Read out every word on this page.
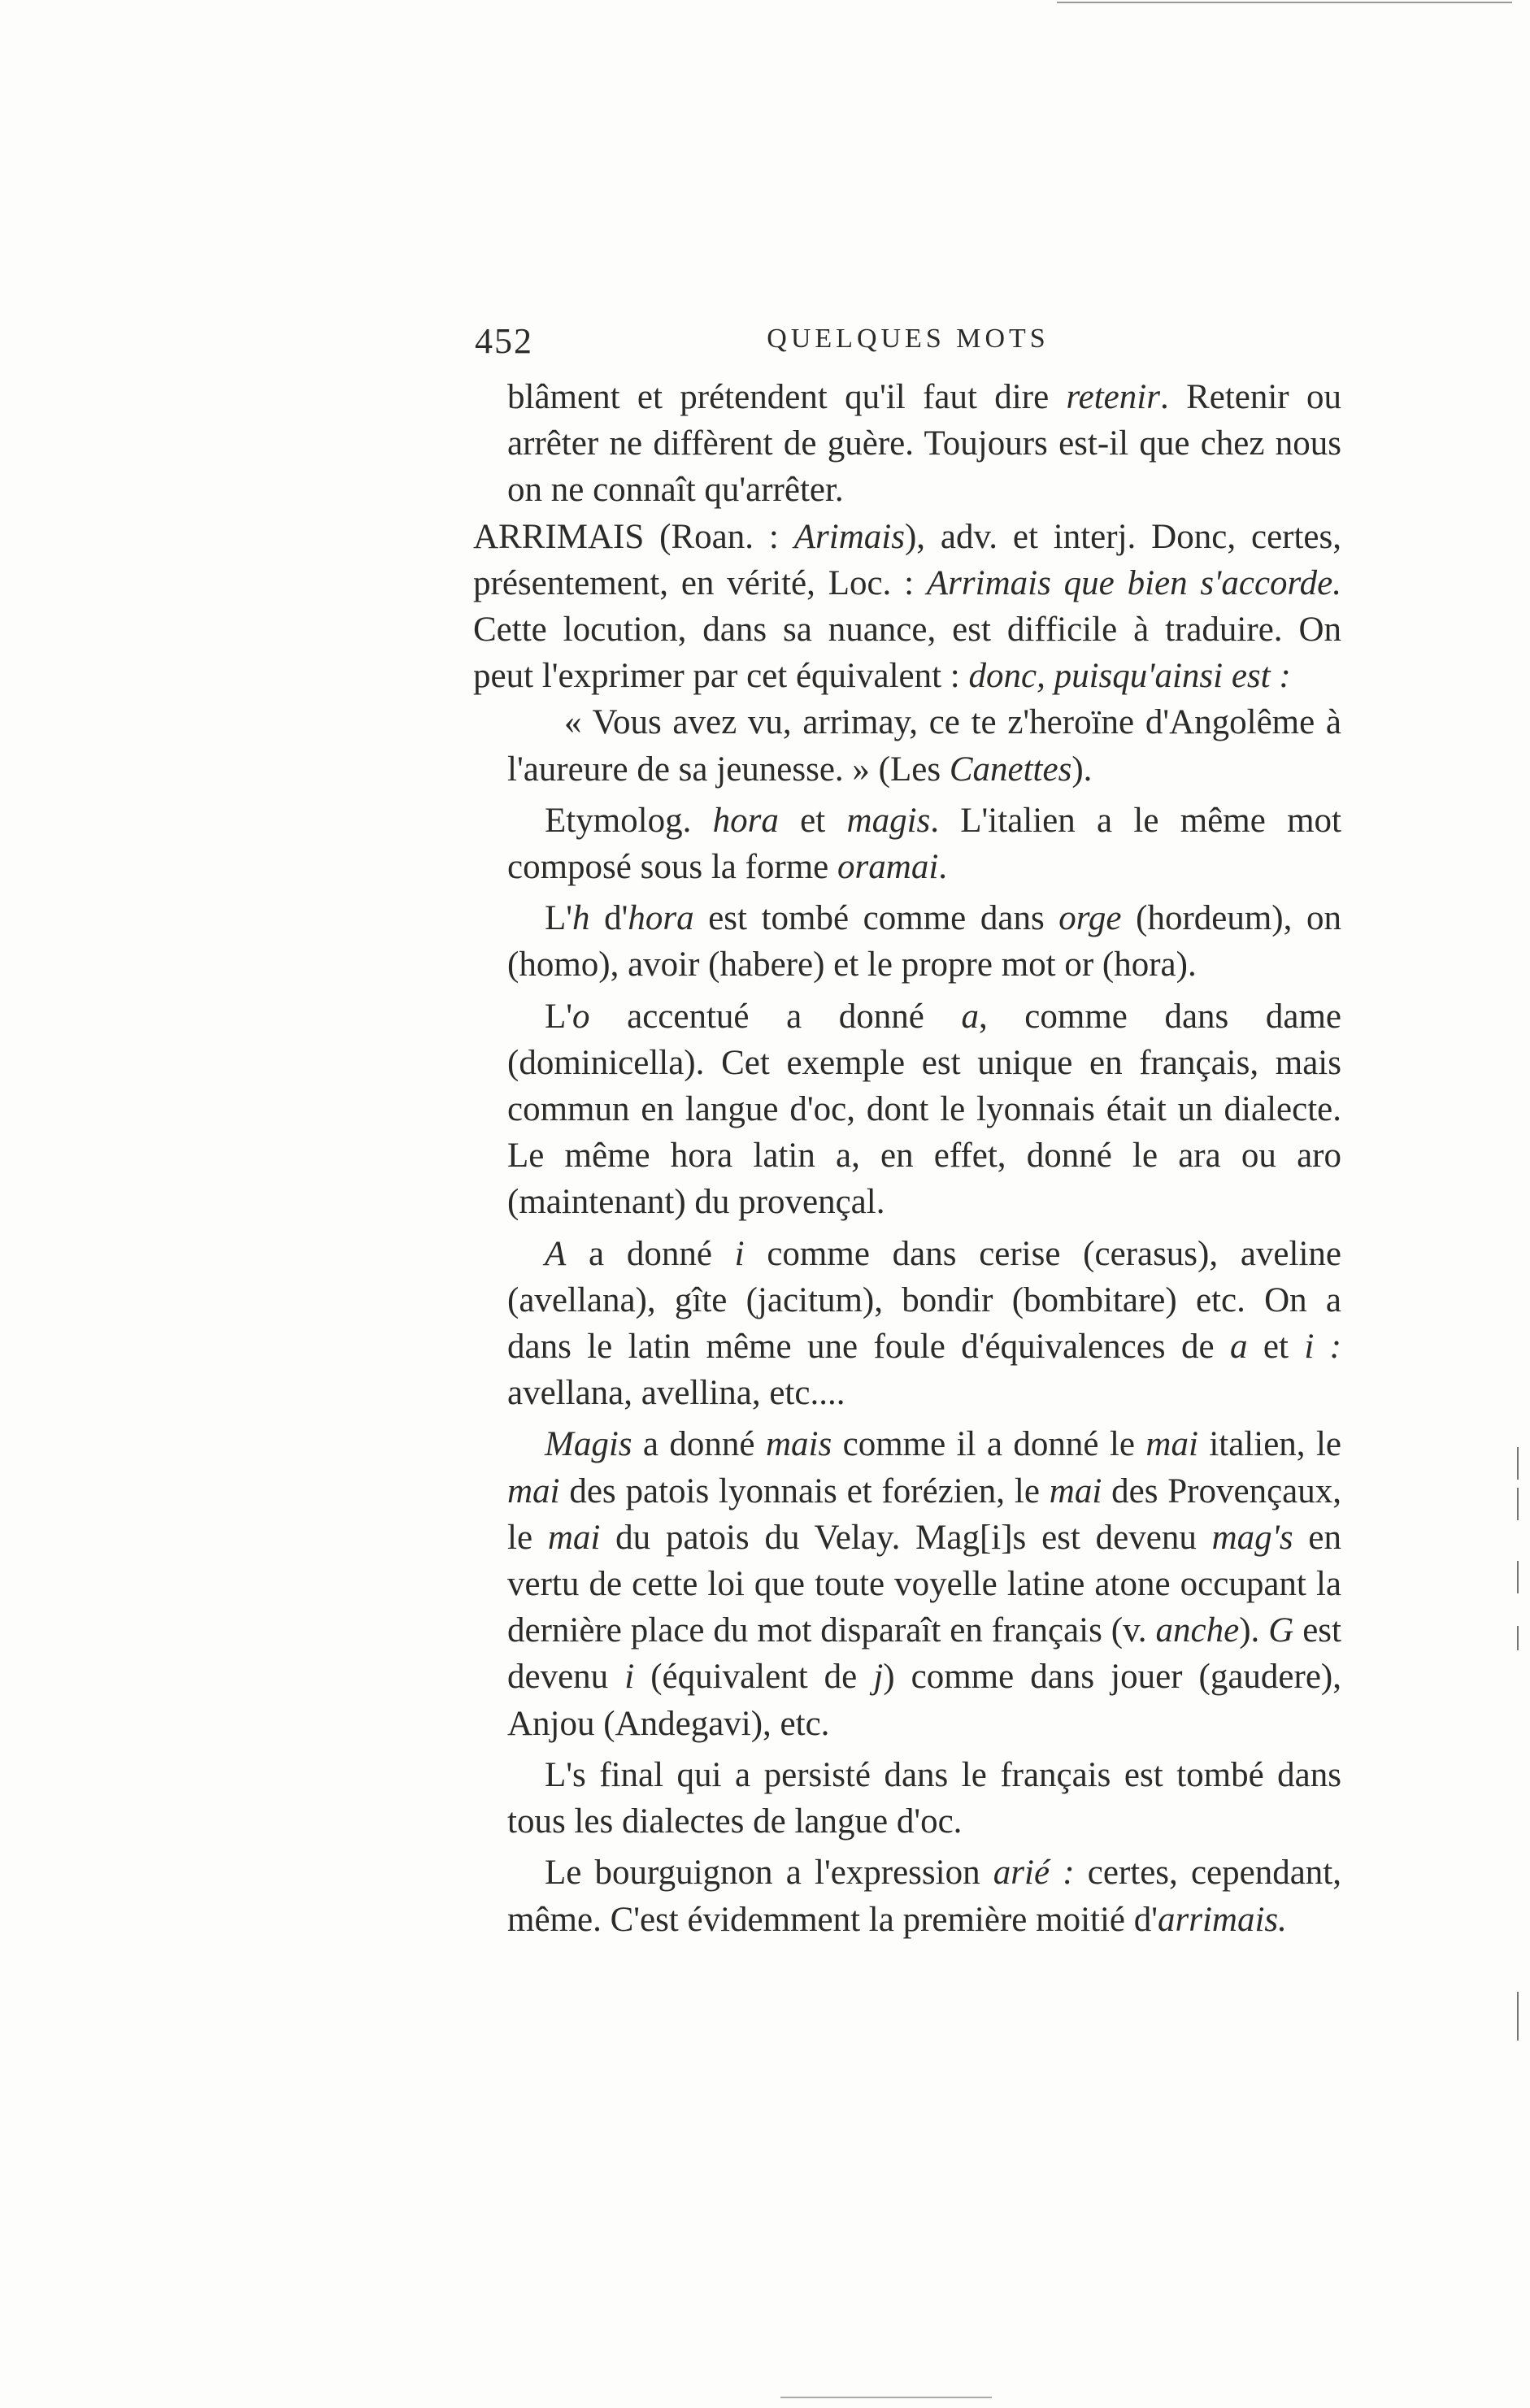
452	QUELQUES MOTS

blâment et prétendent qu'il faut dire retenir. Retenir ou arrêter ne diffèrent de guère. Toujours est-il que chez nous on ne connaît qu'arrêter.

ARRIMAIS (Roan. : Arimais), adv. et interj. Donc, certes, présentement, en vérité, Loc. : Arrimais que bien s'accorde. Cette locution, dans sa nuance, est difficile à traduire. On peut l'exprimer par cet équivalent : donc, puisqu'ainsi est :

« Vous avez vu, arrimay, ce te z'heroïne d'Angolême à l'aureure de sa jeunesse. » (Les Canettes).

Etymolog. hora et magis. L'italien a le même mot composé sous la forme oramai.

L'h d'hora est tombé comme dans orge (hordeum), on (homo), avoir (habere) et le propre mot or (hora).

L'o accentué a donné a, comme dans dame (dominicella). Cet exemple est unique en français, mais commun en langue d'oc, dont le lyonnais était un dialecte. Le même hora latin a, en effet, donné le ara ou aro (maintenant) du provençal.

A a donné i comme dans cerise (cerasus), aveline (avellana), gîte (jacitum), bondir (bombitare) etc. On a dans le latin même une foule d'équivalences de a et i : avellana, avellina, etc....

Magis a donné mais comme il a donné le mai italien, le mai des patois lyonnais et forézien, le mai des Provençaux, le mai du patois du Velay. Mag[i]s est devenu mag's en vertu de cette loi que toute voyelle latine atone occupant la dernière place du mot disparaît en français (v. anche). G est devenu i (équivalent de j) comme dans jouer (gaudere), Anjou (Andegavi), etc.

L's final qui a persisté dans le français est tombé dans tous les dialectes de langue d'oc.

Le bourguignon a l'expression arié : certes, cependant, même. C'est évidemment la première moitié d'arrimais.
